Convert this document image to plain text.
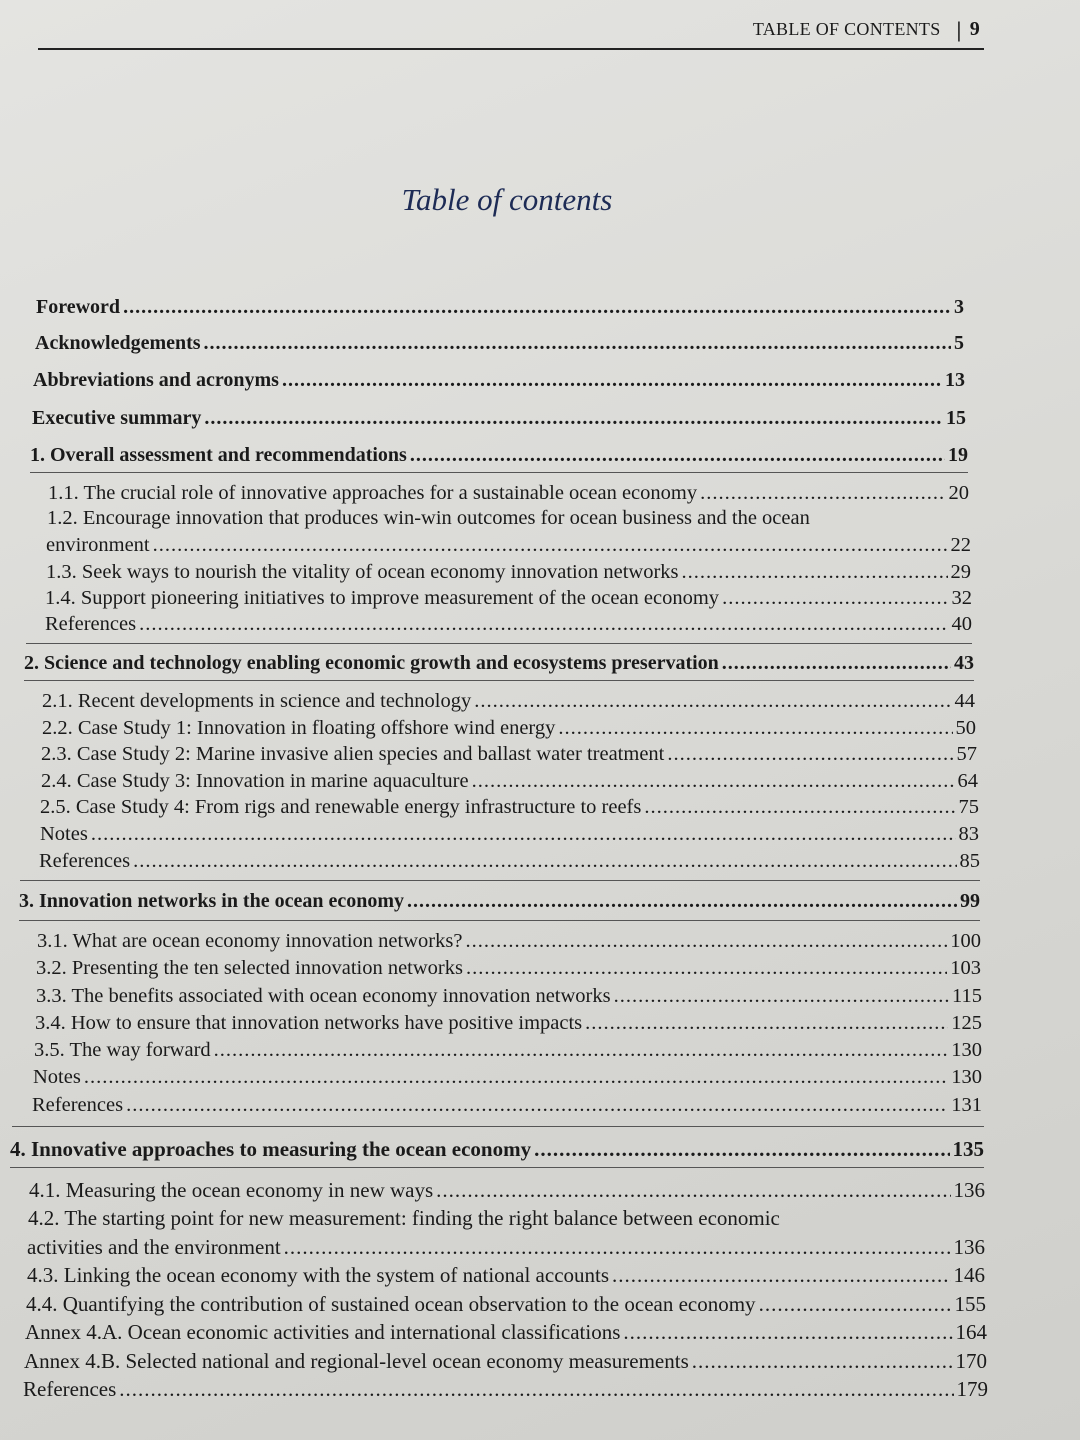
TABLE OF CONTENTS | 9
Table of contents
Foreword .....	3
Acknowledgements .....	5
Abbreviations and acronyms .....	13
Executive summary .....	15
1. Overall assessment and recommendations .....	19
1.1. The crucial role of innovative approaches for a sustainable ocean economy .....	20
1.2. Encourage innovation that produces win-win outcomes for ocean business and the ocean
environment .....	22
1.3. Seek ways to nourish the vitality of ocean economy innovation networks .....	29
1.4. Support pioneering initiatives to improve measurement of the ocean economy .....	32
References .....	40
2. Science and technology enabling economic growth and ecosystems preservation .....	43
2.1. Recent developments in science and technology .....	44
2.2. Case Study 1: Innovation in floating offshore wind energy .....	50
2.3. Case Study 2: Marine invasive alien species and ballast water treatment .....	57
2.4. Case Study 3: Innovation in marine aquaculture .....	64
2.5. Case Study 4: From rigs and renewable energy infrastructure to reefs .....	75
Notes .....	83
References .....	85
3. Innovation networks in the ocean economy .....	99
3.1. What are ocean economy innovation networks? .....	100
3.2. Presenting the ten selected innovation networks .....	103
3.3. The benefits associated with ocean economy innovation networks .....	115
3.4. How to ensure that innovation networks have positive impacts .....	125
3.5. The way forward .....	130
Notes .....	130
References .....	131
4. Innovative approaches to measuring the ocean economy .....	135
4.1. Measuring the ocean economy in new ways .....	136
4.2. The starting point for new measurement: finding the right balance between economic
activities and the environment .....	136
4.3. Linking the ocean economy with the system of national accounts .....	146
4.4. Quantifying the contribution of sustained ocean observation to the ocean economy .....	155
Annex 4.A. Ocean economic activities and international classifications .....	164
Annex 4.B. Selected national and regional-level ocean economy measurements .....	170
References .....	179
